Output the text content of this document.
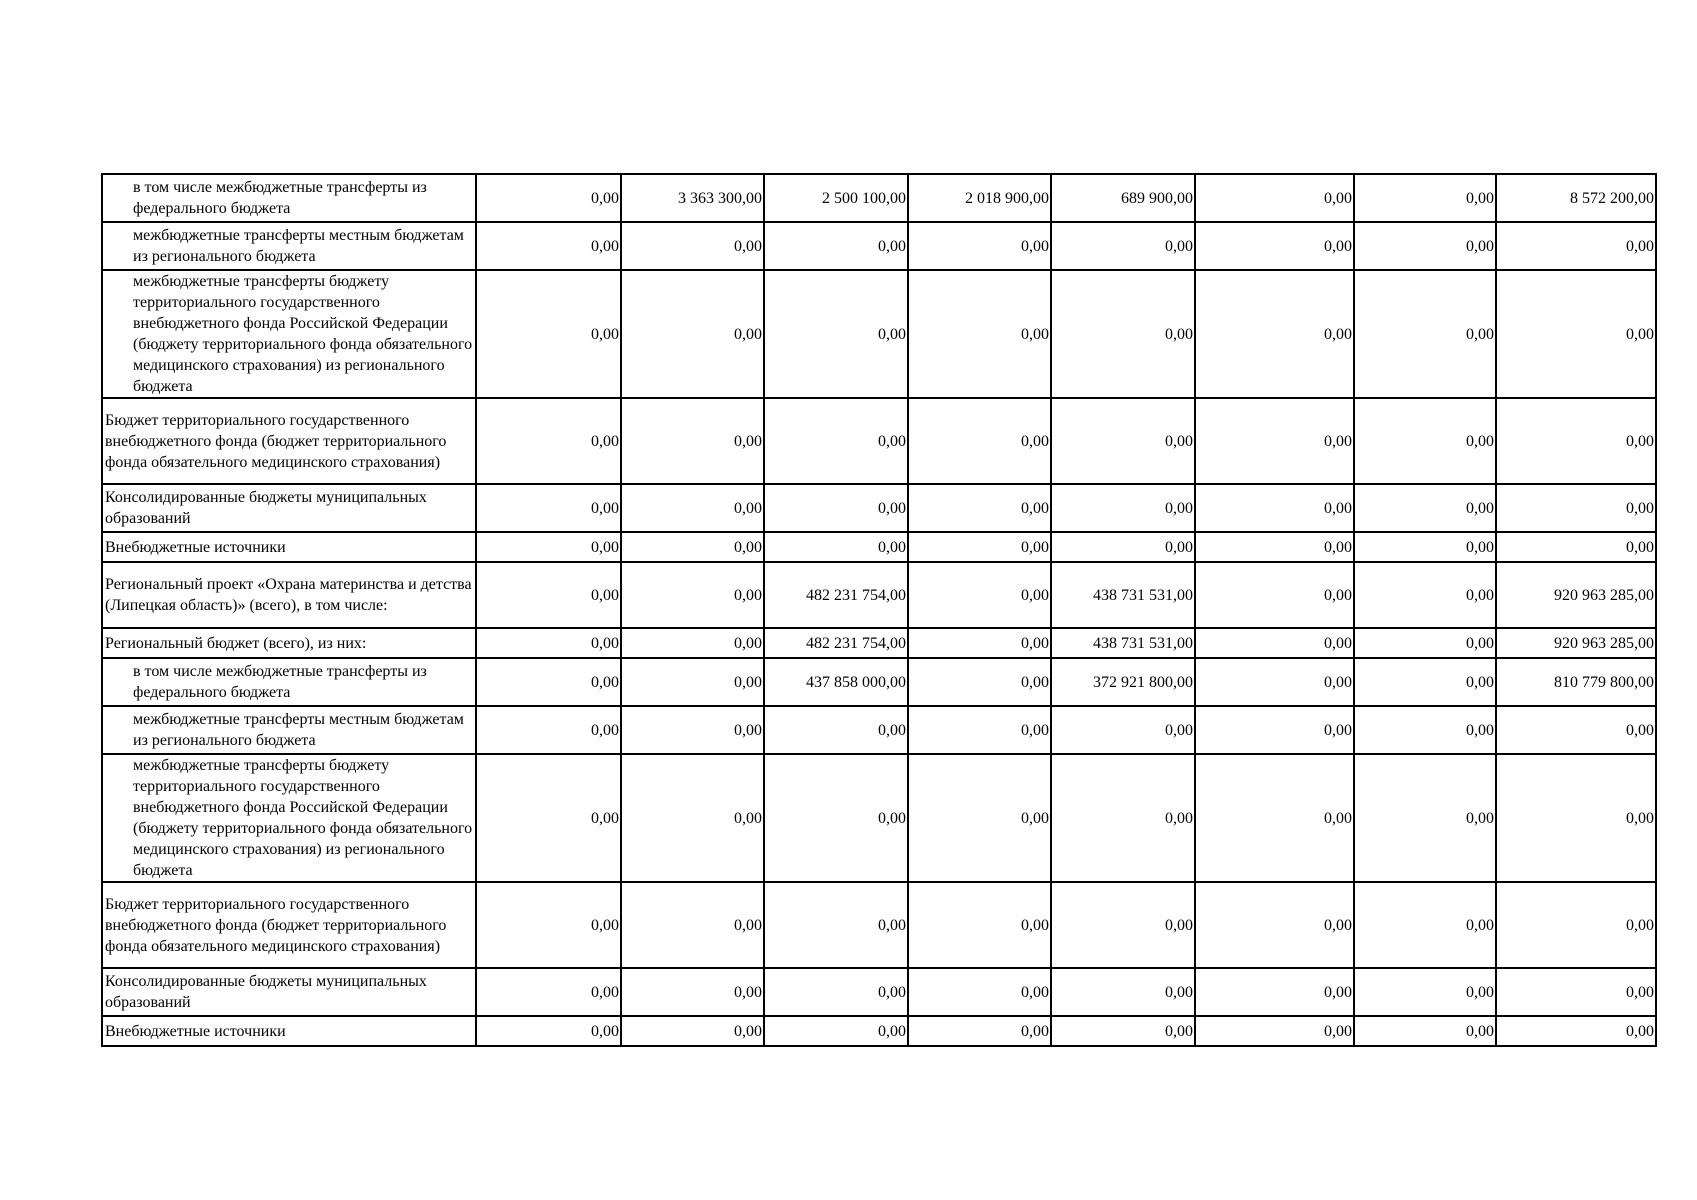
в том числе межбюджетные трансферты из федерального бюджета	0,00	3 363 300,00	2 500 100,00	2 018 900,00	689 900,00	0,00	0,00	8 572 200,00
межбюджетные трансферты местным бюджетам из регионального бюджета	0,00	0,00	0,00	0,00	0,00	0,00	0,00	0,00
межбюджетные трансферты бюджету территориального государственного внебюджетного фонда Российской Федерации (бюджету территориального фонда обязательного медицинского страхования) из регионального бюджета	0,00	0,00	0,00	0,00	0,00	0,00	0,00	0,00
Бюджет территориального государственного внебюджетного фонда (бюджет территориального фонда обязательного медицинского страхования)	0,00	0,00	0,00	0,00	0,00	0,00	0,00	0,00
Консолидированные бюджеты муниципальных образований	0,00	0,00	0,00	0,00	0,00	0,00	0,00	0,00
Внебюджетные источники	0,00	0,00	0,00	0,00	0,00	0,00	0,00	0,00
Региональный проект «Охрана материнства и детства (Липецкая область)» (всего), в том числе:	0,00	0,00	482 231 754,00	0,00	438 731 531,00	0,00	0,00	920 963 285,00
Региональный бюджет (всего), из них:	0,00	0,00	482 231 754,00	0,00	438 731 531,00	0,00	0,00	920 963 285,00
в том числе межбюджетные трансферты из федерального бюджета	0,00	0,00	437 858 000,00	0,00	372 921 800,00	0,00	0,00	810 779 800,00
межбюджетные трансферты местным бюджетам из регионального бюджета	0,00	0,00	0,00	0,00	0,00	0,00	0,00	0,00
межбюджетные трансферты бюджету территориального государственного внебюджетного фонда Российской Федерации (бюджету территориального фонда обязательного медицинского страхования) из регионального бюджета	0,00	0,00	0,00	0,00	0,00	0,00	0,00	0,00
Бюджет территориального государственного внебюджетного фонда (бюджет территориального фонда обязательного медицинского страхования)	0,00	0,00	0,00	0,00	0,00	0,00	0,00	0,00
Консолидированные бюджеты муниципальных образований	0,00	0,00	0,00	0,00	0,00	0,00	0,00	0,00
Внебюджетные источники	0,00	0,00	0,00	0,00	0,00	0,00	0,00	0,00
